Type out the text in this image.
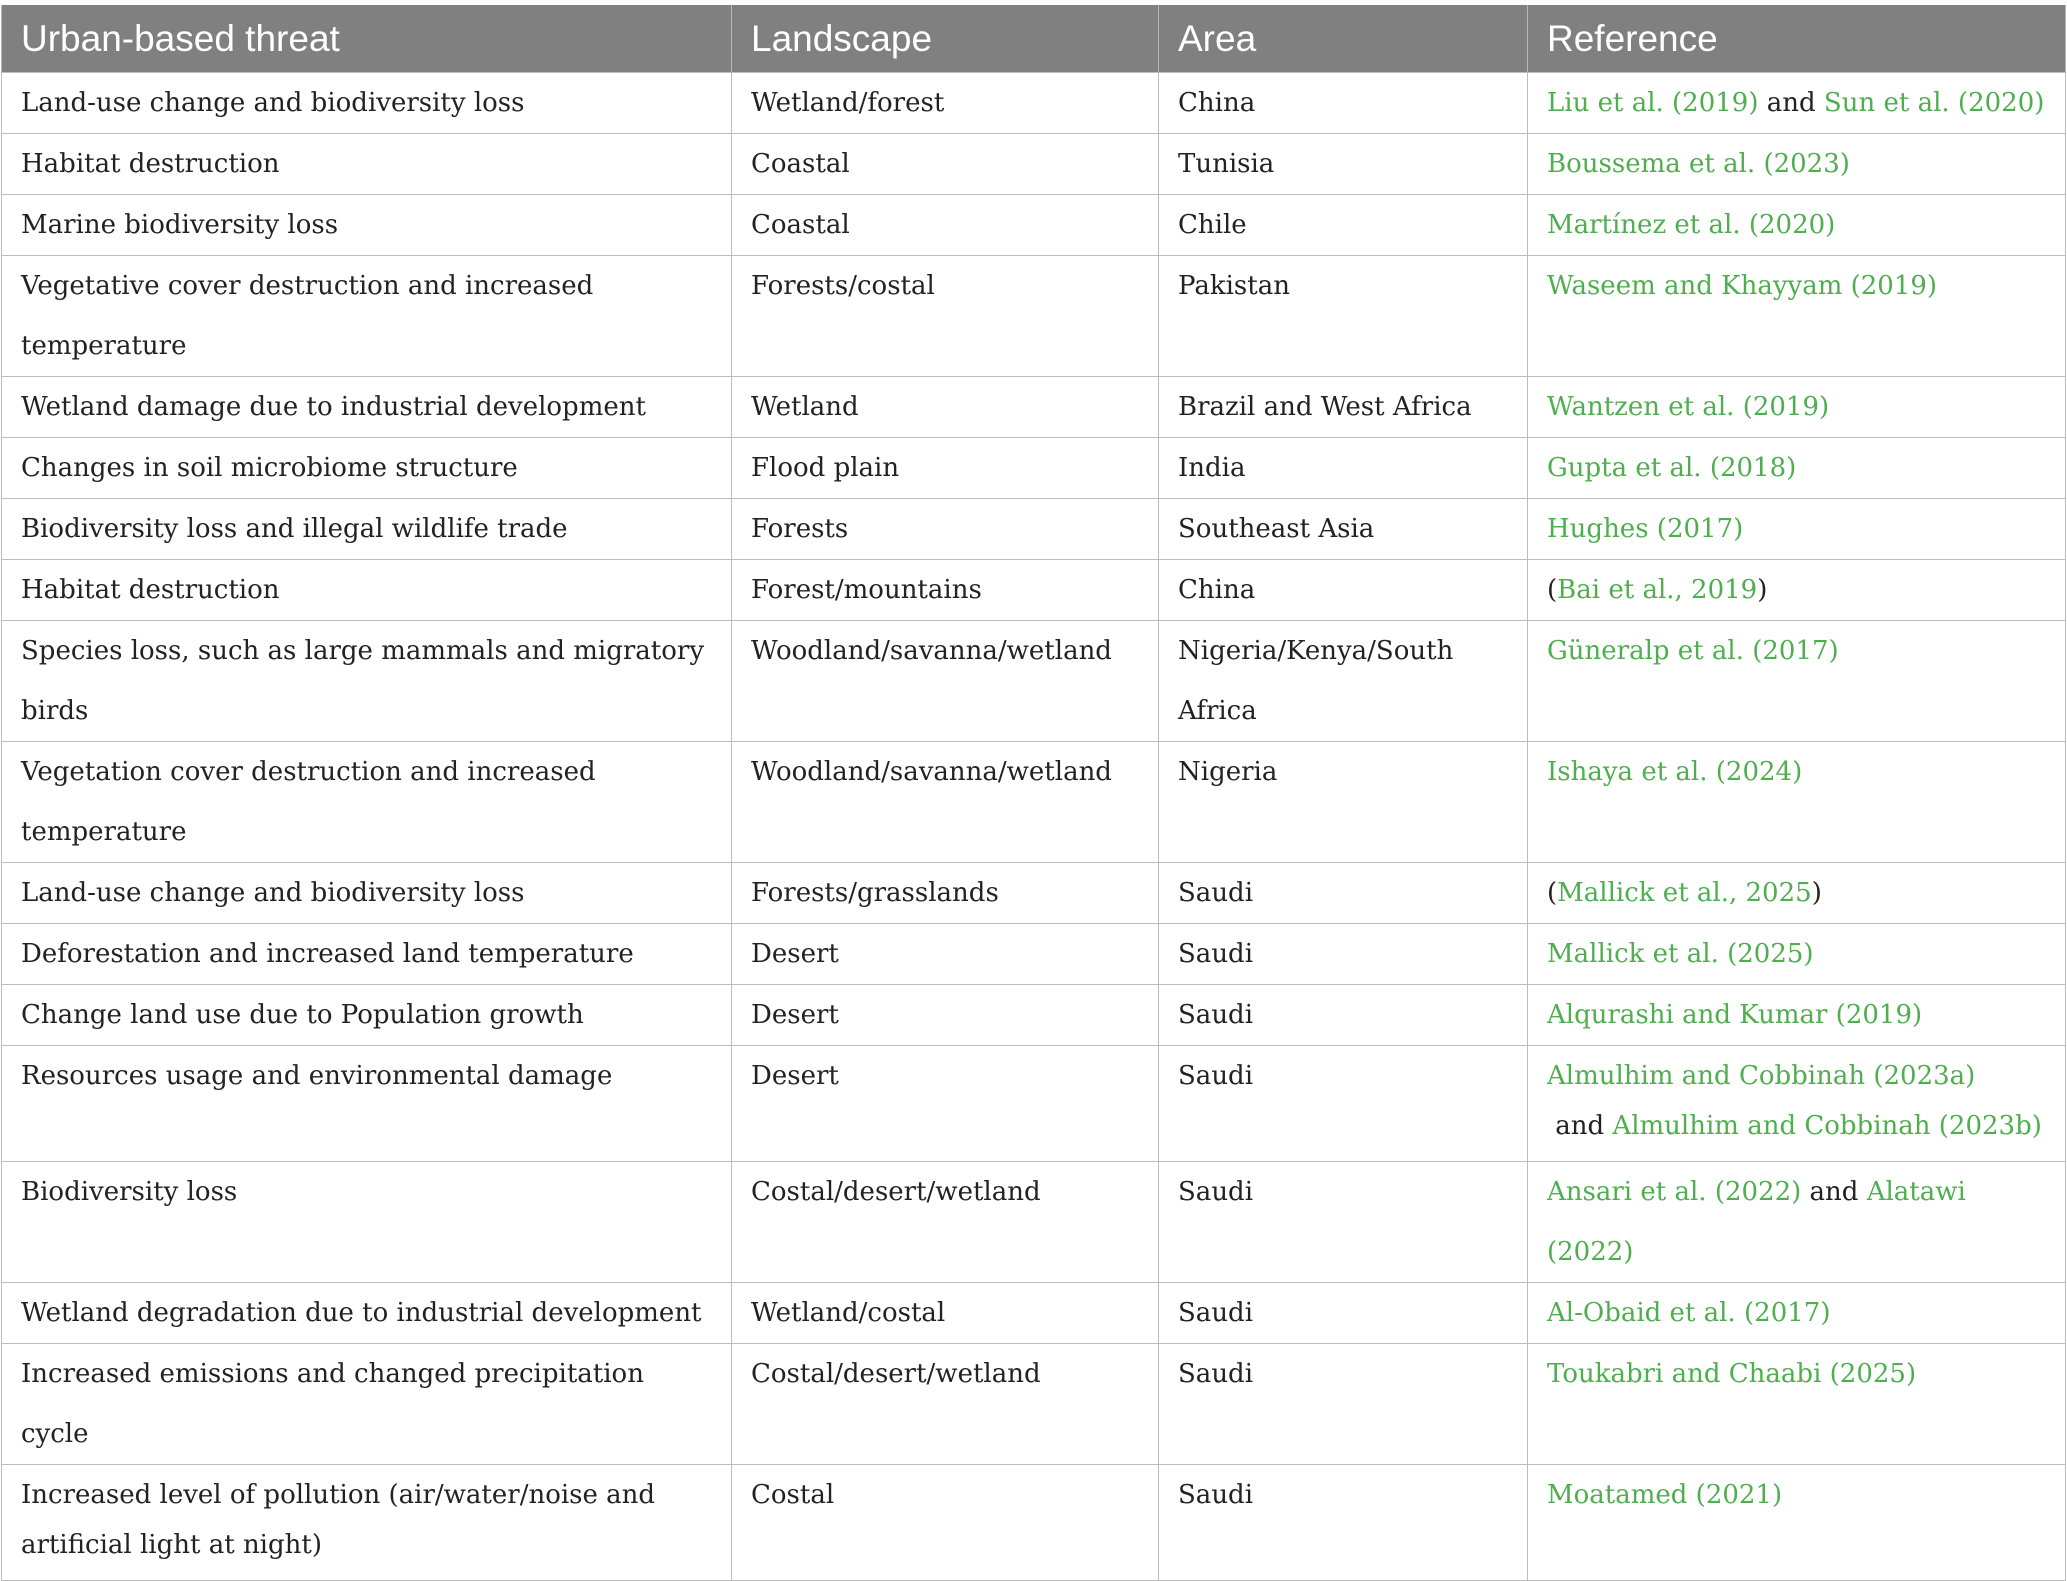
Urban-based threat	Landscape	Area	Reference
Land-use change and biodiversity loss	Wetland/forest	China	Liu et al. (2019) and Sun et al. (2020)
Habitat destruction	Coastal	Tunisia	Boussema et al. (2023)
Marine biodiversity loss	Coastal	Chile	Martínez et al. (2020)
Vegetative cover destruction and increased temperature	Forests/costal	Pakistan	Waseem and Khayyam (2019)
Wetland damage due to industrial development	Wetland	Brazil and West Africa	Wantzen et al. (2019)
Changes in soil microbiome structure	Flood plain	India	Gupta et al. (2018)
Biodiversity loss and illegal wildlife trade	Forests	Southeast Asia	Hughes (2017)
Habitat destruction	Forest/mountains	China	(Bai et al., 2019)
Species loss, such as large mammals and migratory birds	Woodland/savanna/wetland	Nigeria/Kenya/South Africa	Güneralp et al. (2017)
Vegetation cover destruction and increased temperature	Woodland/savanna/wetland	Nigeria	Ishaya et al. (2024)
Land-use change and biodiversity loss	Forests/grasslands	Saudi	(Mallick et al., 2025)
Deforestation and increased land temperature	Desert	Saudi	Mallick et al. (2025)
Change land use due to Population growth	Desert	Saudi	Alqurashi and Kumar (2019)
Resources usage and environmental damage	Desert	Saudi	Almulhim and Cobbinah (2023a) and Almulhim and Cobbinah (2023b)
Biodiversity loss	Costal/desert/wetland	Saudi	Ansari et al. (2022) and Alatawi (2022)
Wetland degradation due to industrial development	Wetland/costal	Saudi	Al-Obaid et al. (2017)
Increased emissions and changed precipitation cycle	Costal/desert/wetland	Saudi	Toukabri and Chaabi (2025)
Increased level of pollution (air/water/noise and artificial light at night)	Costal	Saudi	Moatamed (2021)
